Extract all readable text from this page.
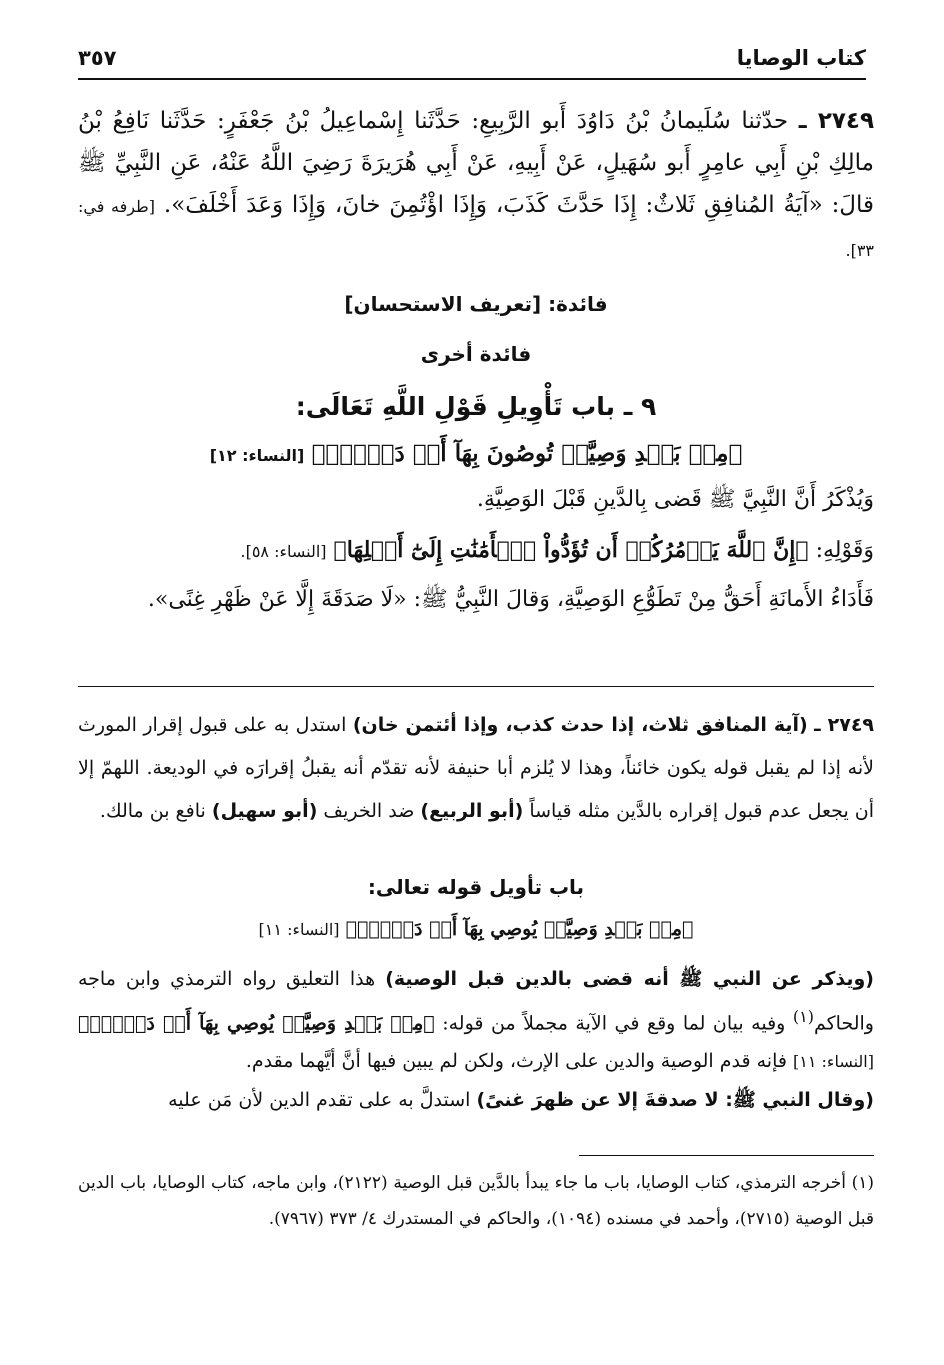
كتاب الوصايا
٣٥٧
٢٧٤٩ ـ حدّثنا سُلَيمانُ بْنُ دَاوُدَ أَبو الرَّبِيعِ: حَدَّثَنا إِسْماعِيلُ بْنُ جَعْفَرٍ: حَدَّثَنا نَافِعُ بْنُ مالِكِ بْنِ أَبِي عامِرٍ أَبو سُهَيلٍ، عَنْ أَبِيهِ، عَنْ أَبِي هُرَيرَةَ رَضِيَ اللَّهُ عَنْهُ، عَنِ النَّبِيِّ ﷺ قالَ: «آيَةُ المُنافِقِ ثَلاثٌ: إِذَا حَدَّثَ كَذَبَ، وَإِذَا اؤْتُمِنَ خانَ، وَإِذَا وَعَدَ أَخْلَفَ». [طرفه في: ٣٣].
فائدة: [تعريف الاستحسان]
فائدة أخرى
٩ ـ باب تَأْوِيلِ قَوْلِ اللَّهِ تَعَالَى:
﴿مِنۢ بَعۡدِ وَصِيَّةٖ تُوصُونَ بِهَآ أَوۡ دَيۡنٖۗ﴾ [النساء: ١٢]
وَيُذْكَرُ أَنَّ النَّبِيَّ ﷺ قَضى بِالدَّينِ قَبْلَ الوَصِيَّةِ.
وَقَوْلِهِ: ﴿إِنَّ ٱللَّهَ يَأۡمُرُكُمۡ أَن تُؤَدُّواْ ٱلۡأَمَٰنَٰتِ إِلَىٰٓ أَهۡلِهَا﴾ [النساء: ٥٨].
فَأَدَاءُ الأَمانَةِ أَحَقُّ مِنْ تَطَوُّعِ الوَصِيَّةِ، وَقالَ النَّبِيُّ ﷺ: «لَا صَدَقَةَ إِلَّا عَنْ ظَهْرِ غِنًى».
٢٧٤٩ ـ (آية المنافق ثلاث، إذا حدث كذب، وإذا أئتمن خان) استدل به على قبول إقرار المورث لأنه إذا لم يقبل قوله يكون خائناً، وهذا لا يُلزم أبا حنيفة لأنه تقدّم أنه يقبلُ إقرارَه في الوديعة. اللهمّ إلا أن يجعل عدم قبول إقراره بالدَّين مثله قياساً (أبو الربيع) ضد الخريف (أبو سهيل) نافع بن مالك.
باب تأويل قوله تعالى:
﴿مِنۢ بَعۡدِ وَصِيَّةٖ يُوصِي بِهَآ أَوۡ دَيۡنٍۗ﴾ [النساء: ١١]
(ويذكر عن النبي ﷺ أنه قضى بالدين قبل الوصية) هذا التعليق رواه الترمذي وابن ماجه والحاكم$^{(١)}$ وفيه بيان لما وقع في الآية مجملاً من قوله: ﴿مِنۢ بَعۡدِ وَصِيَّةٖ يُوصِي بِهَآ أَوۡ دَيۡنٍۗ﴾ [النساء: ١١] فإنه قدم الوصية والدين على الإرث، ولكن لم يبين فيها أنَّ أيَّهما مقدم.
(وقال النبي ﷺ: لا صدقةَ إلا عن ظهرَ غنىً) استدلَّ به على تقدم الدين لأن مَن عليه
(١) أخرجه الترمذي، كتاب الوصايا، باب ما جاء يبدأ بالدَّين قبل الوصية (٢١٢٢)، وابن ماجه، كتاب الوصايا، باب الدين قبل الوصية (٢٧١٥)، وأحمد في مسنده (١٠٩٤)، والحاكم في المستدرك ٤/ ٣٧٣ (٧٩٦٧).
